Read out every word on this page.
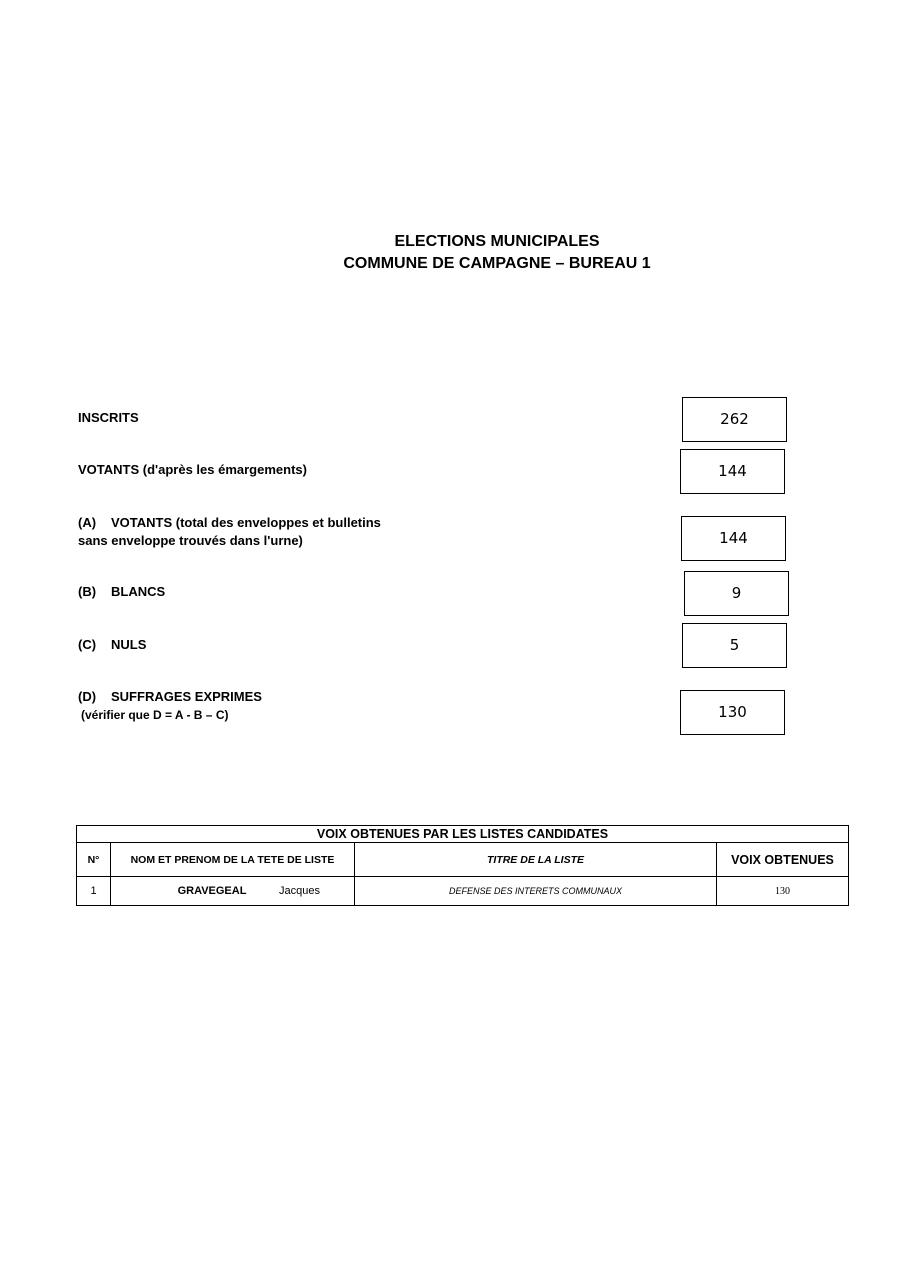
ELECTIONS MUNICIPALES
COMMUNE DE CAMPAGNE – BUREAU 1
INSCRITS	262
VOTANTS (d'après les émargements)	144
(A) VOTANTS (total des enveloppes et bulletins
sans enveloppe trouvés dans l'urne)	144
(B) BLANCS	9
(C) NULS	5
(D) SUFFRAGES EXPRIMES
(vérifier que D = A - B – C)	130
VOIX OBTENUES PAR LES LISTES CANDIDATES			
N°	NOM ET PRENOM DE LA TETE DE LISTE	TITRE DE LA LISTE	VOIX OBTENUES
1	GRAVEGEAL Jacques	DEFENSE DES INTERETS COMMUNAUX	130
